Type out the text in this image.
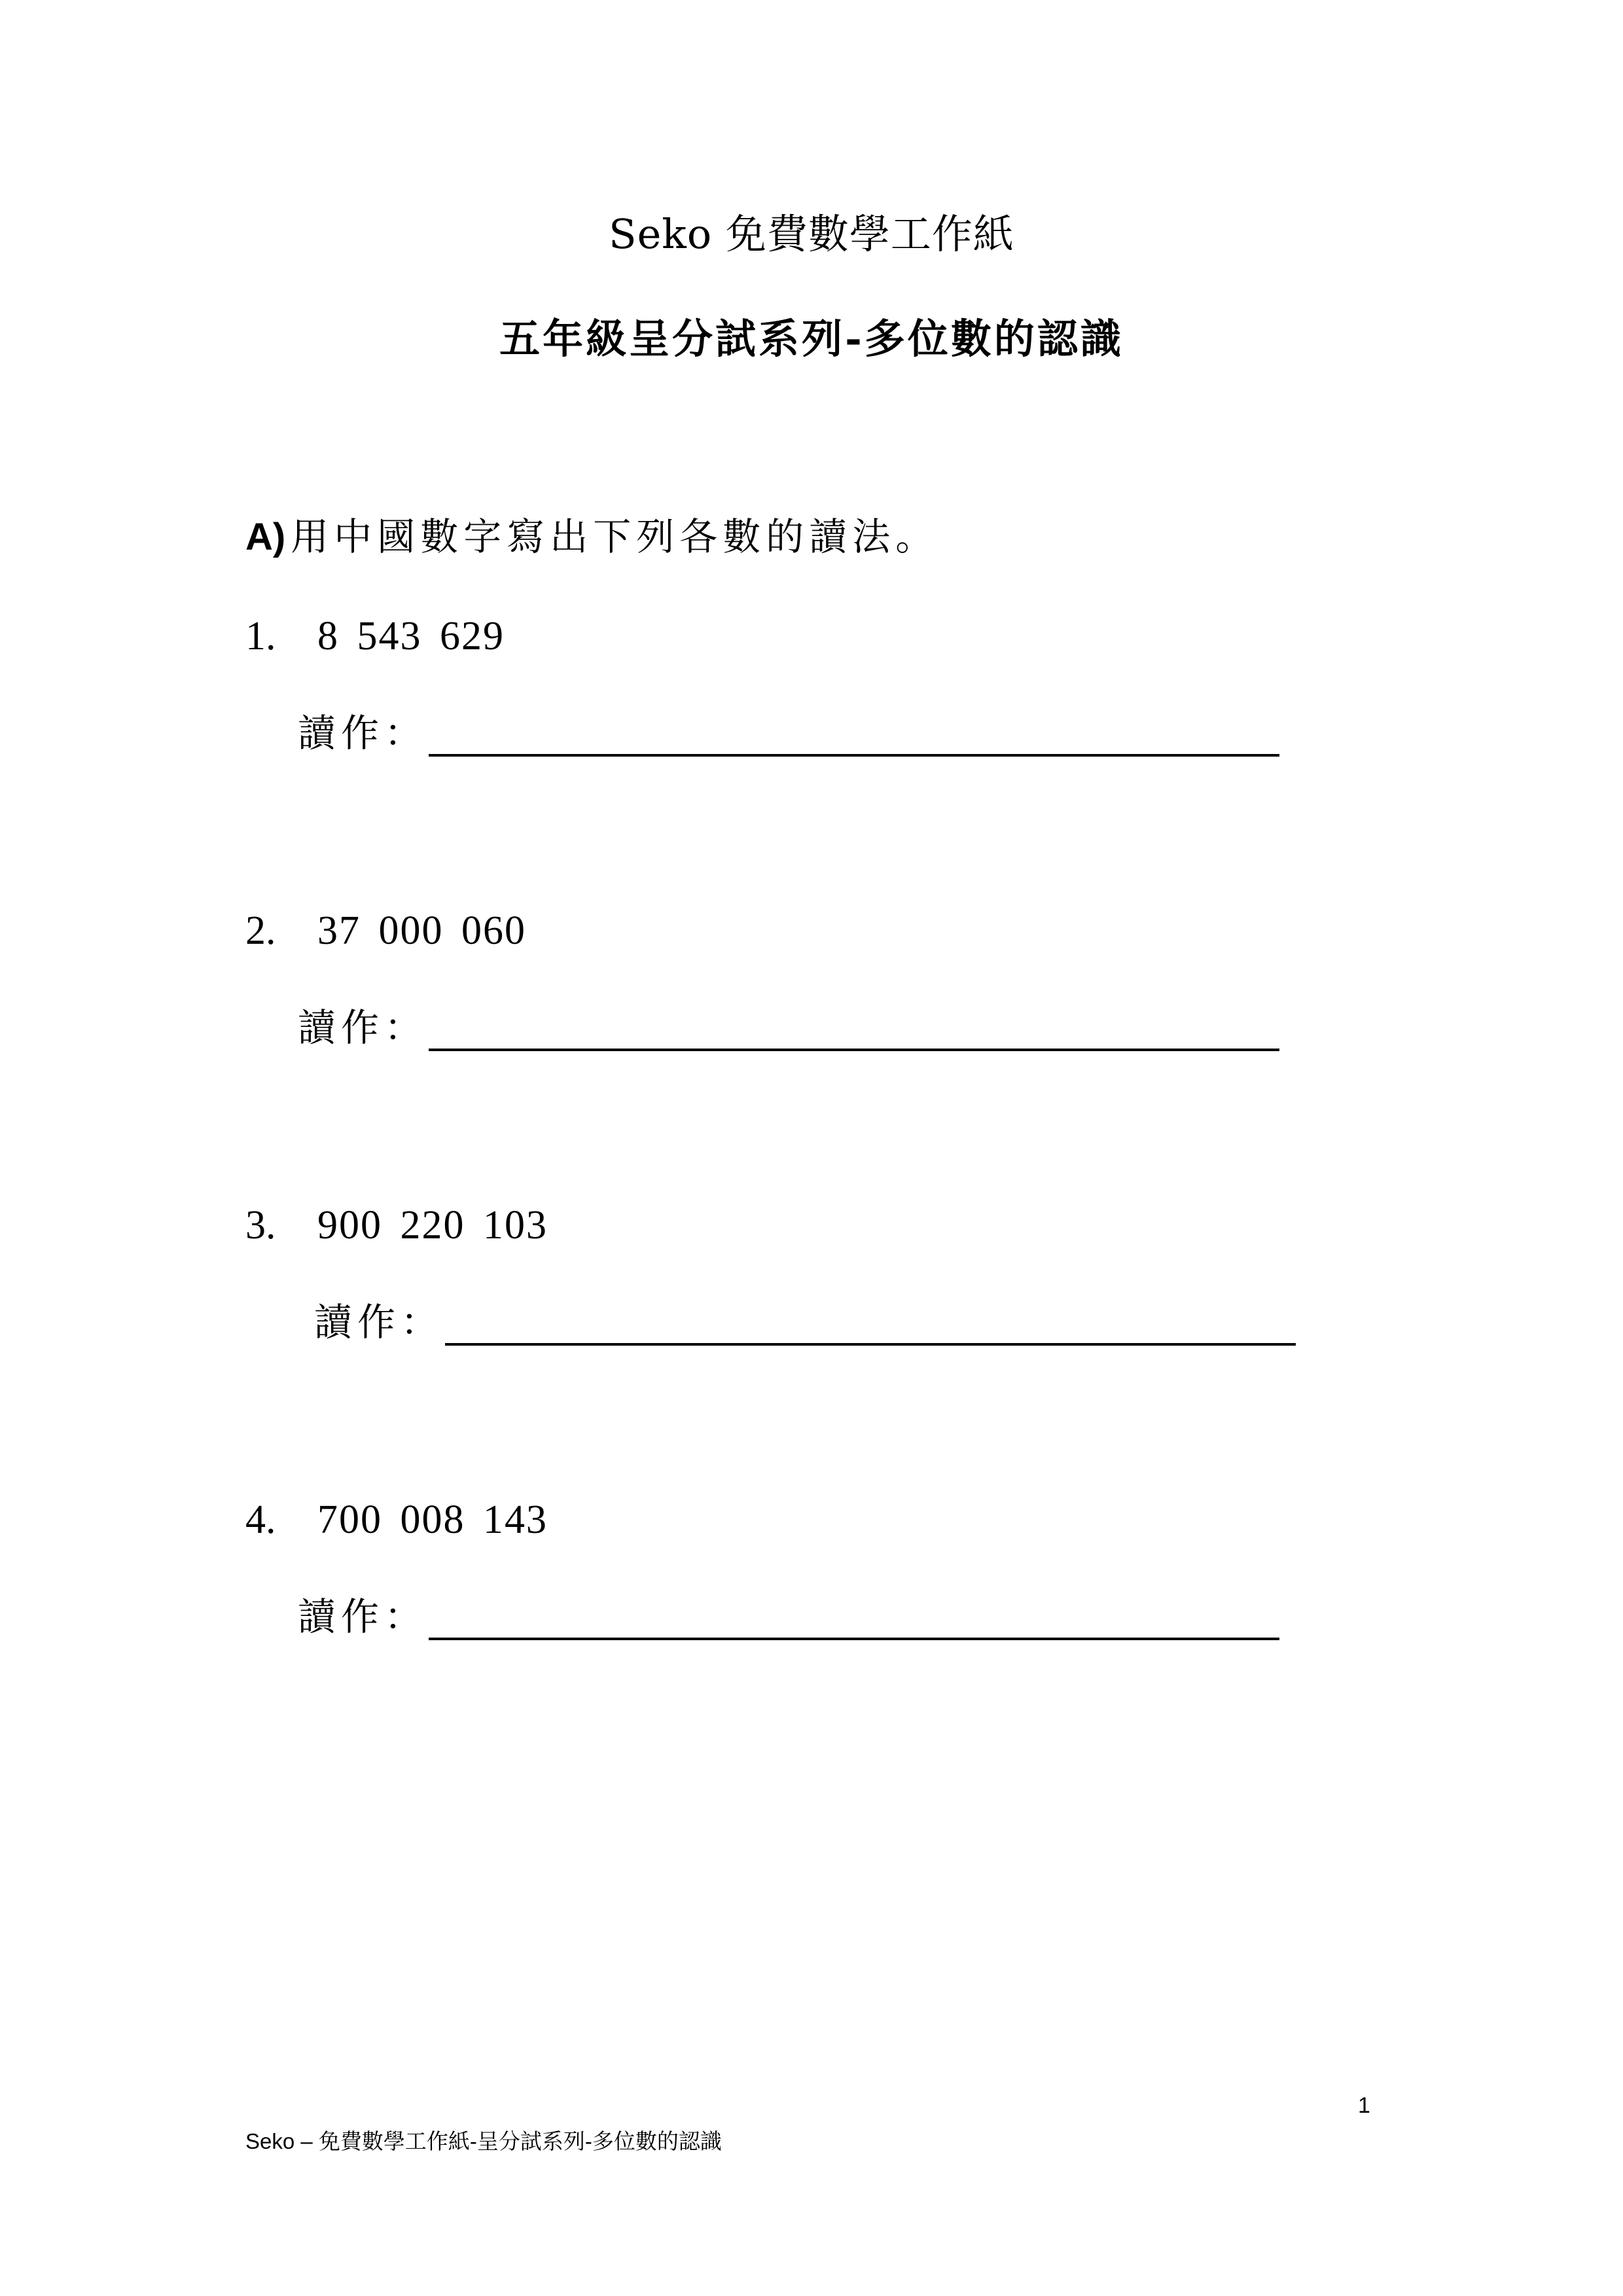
Seko 免費數學工作紙
五年級呈分試系列-多位數的認識
A) 用中國數字寫出下列各數的讀法。
1. 8 543 629
讀作：
2. 37 000 060
讀作：
3. 900 220 103
讀作：
4. 700 008 143
讀作：
1
Seko – 免費數學工作紙-呈分試系列-多位數的認識
